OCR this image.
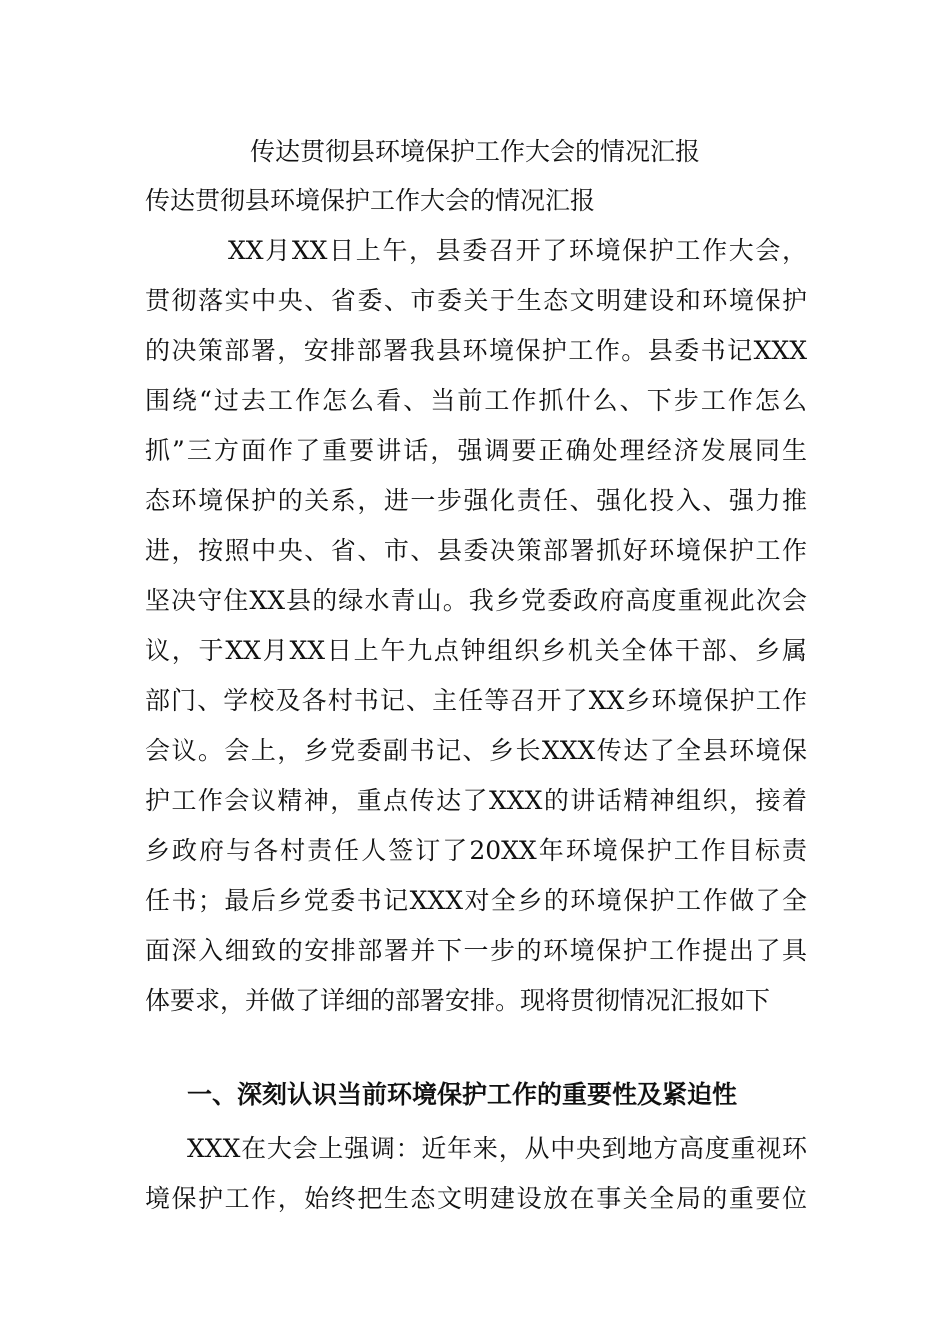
传达贯彻县环境保护工作大会的情况汇报

传达贯彻县环境保护工作大会的情况汇报

XX月XX日上午，县委召开了环境保护工作大会，

贯彻落实中央、省委、市委关于生态文明建设和环境保护

的决策部署，安排部署我县环境保护工作。县委书记XXX

围绕“过去工作怎么看、当前工作抓什么、下步工作怎么

抓”三方面作了重要讲话，强调要正确处理经济发展同生

态环境保护的关系，进一步强化责任、强化投入、强力推

进，按照中央、省、市、县委决策部署抓好环境保护工作

坚决守住XX县的绿水青山。我乡党委政府高度重视此次会

议，于XX月XX日上午九点钟组织乡机关全体干部、乡属

部门、学校及各村书记、主任等召开了XX乡环境保护工作

会议。会上，乡党委副书记、乡长XXX传达了全县环境保

护工作会议精神，重点传达了XXX的讲话精神组织，接着

乡政府与各村责任人签订了20XX年环境保护工作目标责

任书；最后乡党委书记XXX对全乡的环境保护工作做了全

面深入细致的安排部署并下一步的环境保护工作提出了具

体要求，并做了详细的部署安排。现将贯彻情况汇报如下

一、深刻认识当前环境保护工作的重要性及紧迫性

XXX在大会上强调：近年来，从中央到地方高度重视环

境保护工作，始终把生态文明建设放在事关全局的重要位
